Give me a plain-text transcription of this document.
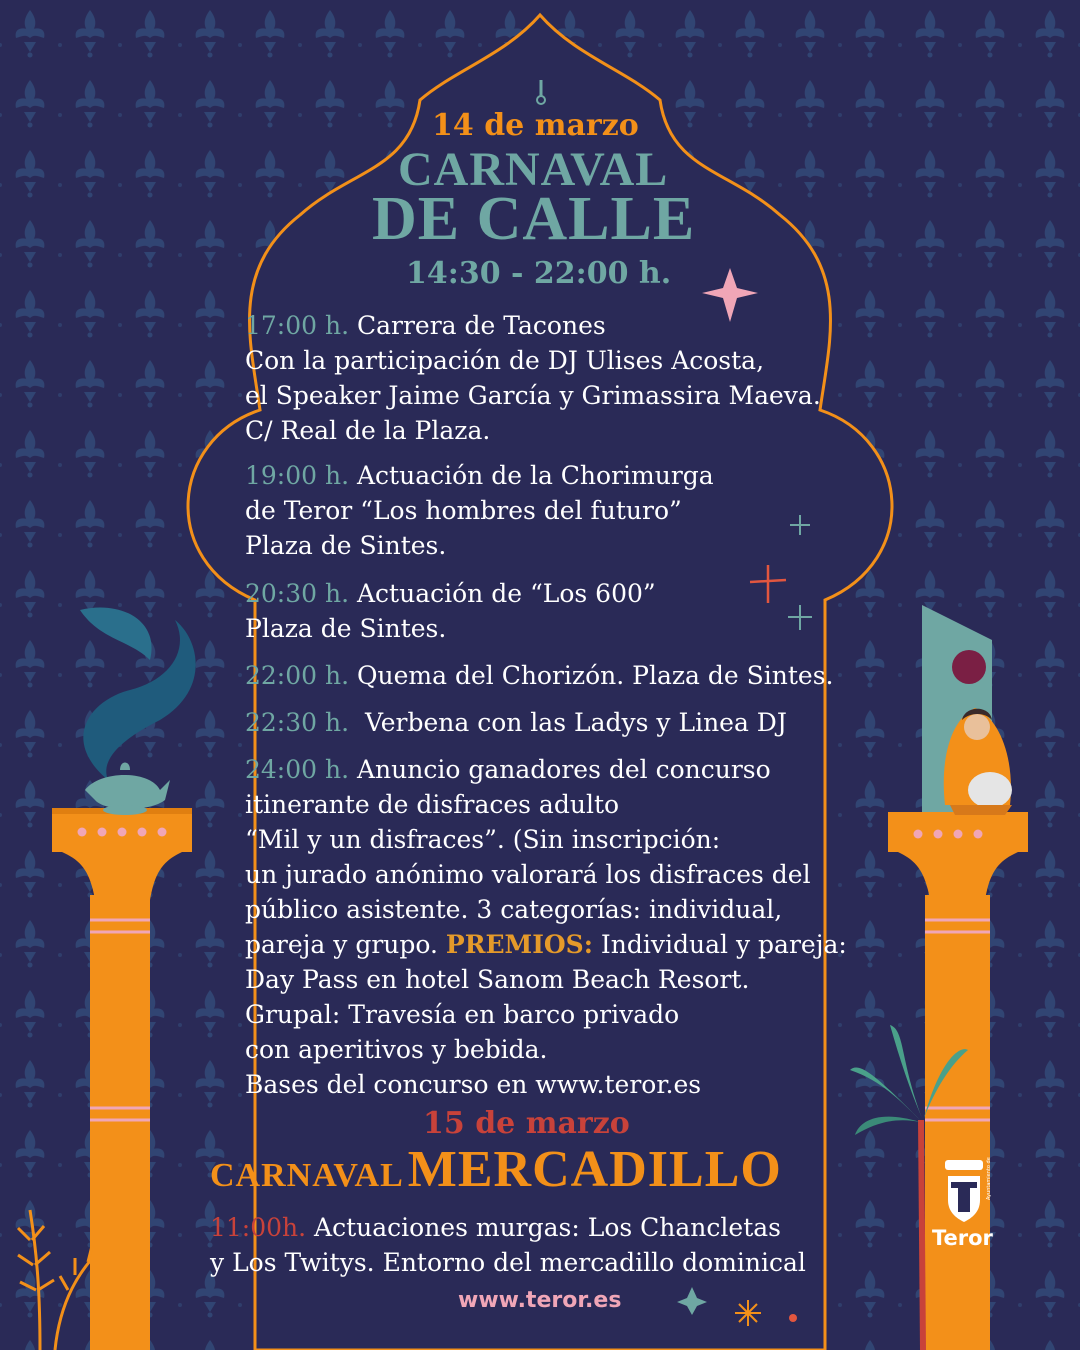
14 de marzo
CARNAVAL
DE CALLE
14:30 - 22:00 h.

17:00 h. Carrera de Tacones

Con la participación de DJ Ulises Acosta,

el Speaker Jaime García y Grimassira Maeva.

C/ Real de la Plaza.

19:00 h. Actuación de la Chorimurga

de Teror “Los hombres del futuro”

Plaza de Sintes.

20:30 h. Actuación de “Los 600”

Plaza de Sintes.

22:00 h. Quema del Chorizón. Plaza de Sintes.

22:30 h. Verbena con las Ladys y Linea DJ

24:00 h. Anuncio ganadores del concurso

itinerante de disfraces adulto

“Mil y un disfraces”. (Sin inscripción:

un jurado anónimo valorará los disfraces del

público asistente. 3 categorías: individual,

pareja y grupo. PREMIOS: Individual y pareja:

Day Pass en hotel Sanom Beach Resort.

Grupal: Travesía en barco privado

con aperitivos y bebida.

Bases del concurso en www.teror.es

15 de marzo
CARNAVAL MERCADILLO

11:00h. Actuaciones murgas: Los Chancletas

y Los Twitys. Entorno del mercadillo dominical

www.teror.es
Teror
Ayuntamiento de
